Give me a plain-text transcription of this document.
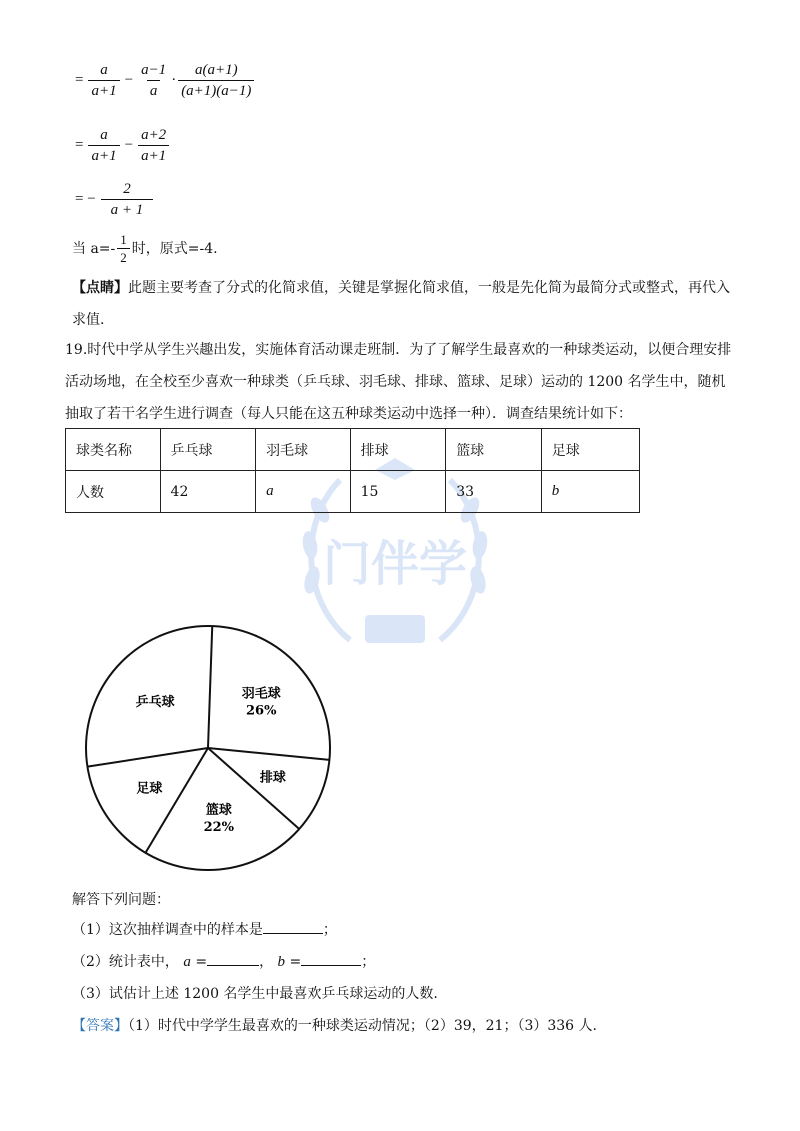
= $\frac{a}{a+1} - \frac{a-1}{a} \cdot \frac{a(a+1)}{(a+1)(a-1)}$
= $\frac{a}{a+1} - \frac{a+2}{a+1}$
= − $\frac{2}{a + 1}$
当 $a=- \frac{1}{2}$ 时，原式=-4.
【点睛】此题主要考查了分式的化简求值，关键是掌握化简求值，一般是先化简为最简分式或整式，再代入求值.
19.时代中学从学生兴趣出发，实施体育活动课走班制．为了了解学生最喜欢的一种球类运动，以便合理安排活动场地，在全校至少喜欢一种球类（乒乓球、羽毛球、排球、篮球、足球）运动的 1200 名学生中，随机抽取了若干名学生进行调查（每人只能在这五种球类运动中选择一种）．调查结果统计如下：
门伴学
球类名称	乒乓球	羽毛球	排球	篮球	足球
人数	42	a	15	33	b
羽毛球
26%
排球
篮球
22%
足球
乒乓球
解答下列问题：
（1）这次抽样调查中的样本是	；
（2）统计表中， a =	， b =	；
（3）试估计上述 1200 名学生中最喜欢乒乓球运动的人数.
【答案】（1）时代中学学生最喜欢的一种球类运动情况；（2）39，21；（3）336 人.
